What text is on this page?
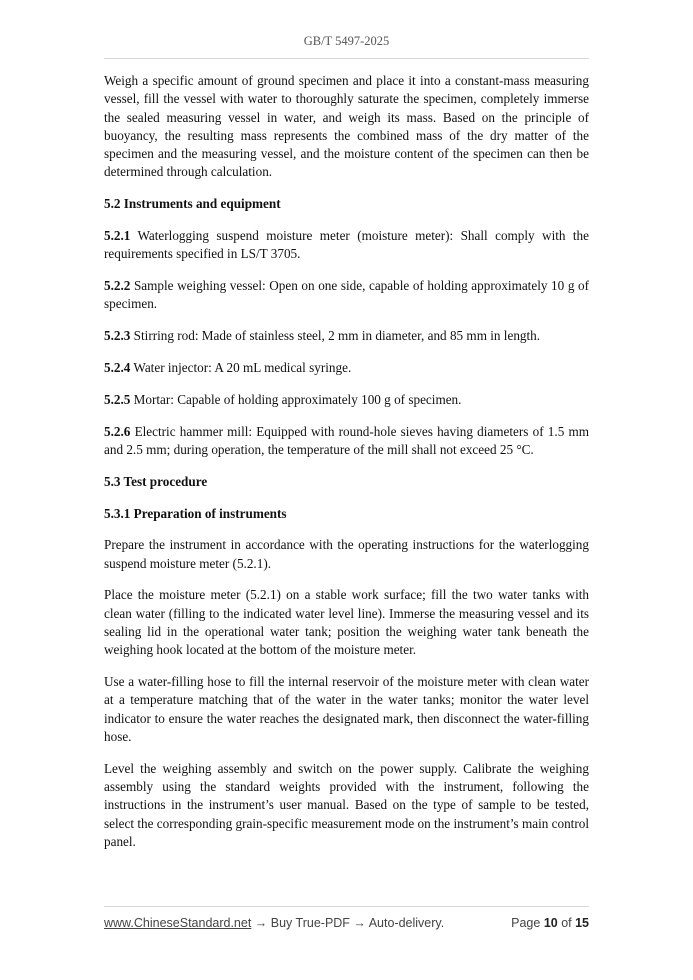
GB/T 5497-2025

Weigh a specific amount of ground specimen and place it into a constant-mass measuring vessel, fill the vessel with water to thoroughly saturate the specimen, completely immerse the sealed measuring vessel in water, and weigh its mass. Based on the principle of buoyancy, the resulting mass represents the combined mass of the dry matter of the specimen and the measuring vessel, and the moisture content of the specimen can then be determined through calculation.

5.2 Instruments and equipment

5.2.1 Waterlogging suspend moisture meter (moisture meter): Shall comply with the requirements specified in LS/T 3705.

5.2.2 Sample weighing vessel: Open on one side, capable of holding approximately 10 g of specimen.

5.2.3 Stirring rod: Made of stainless steel, 2 mm in diameter, and 85 mm in length.

5.2.4 Water injector: A 20 mL medical syringe.

5.2.5 Mortar: Capable of holding approximately 100 g of specimen.

5.2.6 Electric hammer mill: Equipped with round-hole sieves having diameters of 1.5 mm and 2.5 mm; during operation, the temperature of the mill shall not exceed 25 °C.

5.3 Test procedure
5.3.1 Preparation of instruments

Prepare the instrument in accordance with the operating instructions for the waterlogging suspend moisture meter (5.2.1).

Place the moisture meter (5.2.1) on a stable work surface; fill the two water tanks with clean water (filling to the indicated water level line). Immerse the measuring vessel and its sealing lid in the operational water tank; position the weighing water tank beneath the weighing hook located at the bottom of the moisture meter.

Use a water-filling hose to fill the internal reservoir of the moisture meter with clean water at a temperature matching that of the water in the water tanks; monitor the water level indicator to ensure the water reaches the designated mark, then disconnect the water-filling hose.

Level the weighing assembly and switch on the power supply. Calibrate the weighing assembly using the standard weights provided with the instrument, following the instructions in the instrument’s user manual. Based on the type of sample to be tested, select the corresponding grain-specific measurement mode on the instrument’s main control panel.

www.ChineseStandard.net → Buy True-PDF → Auto-delivery.	Page 10 of 15
